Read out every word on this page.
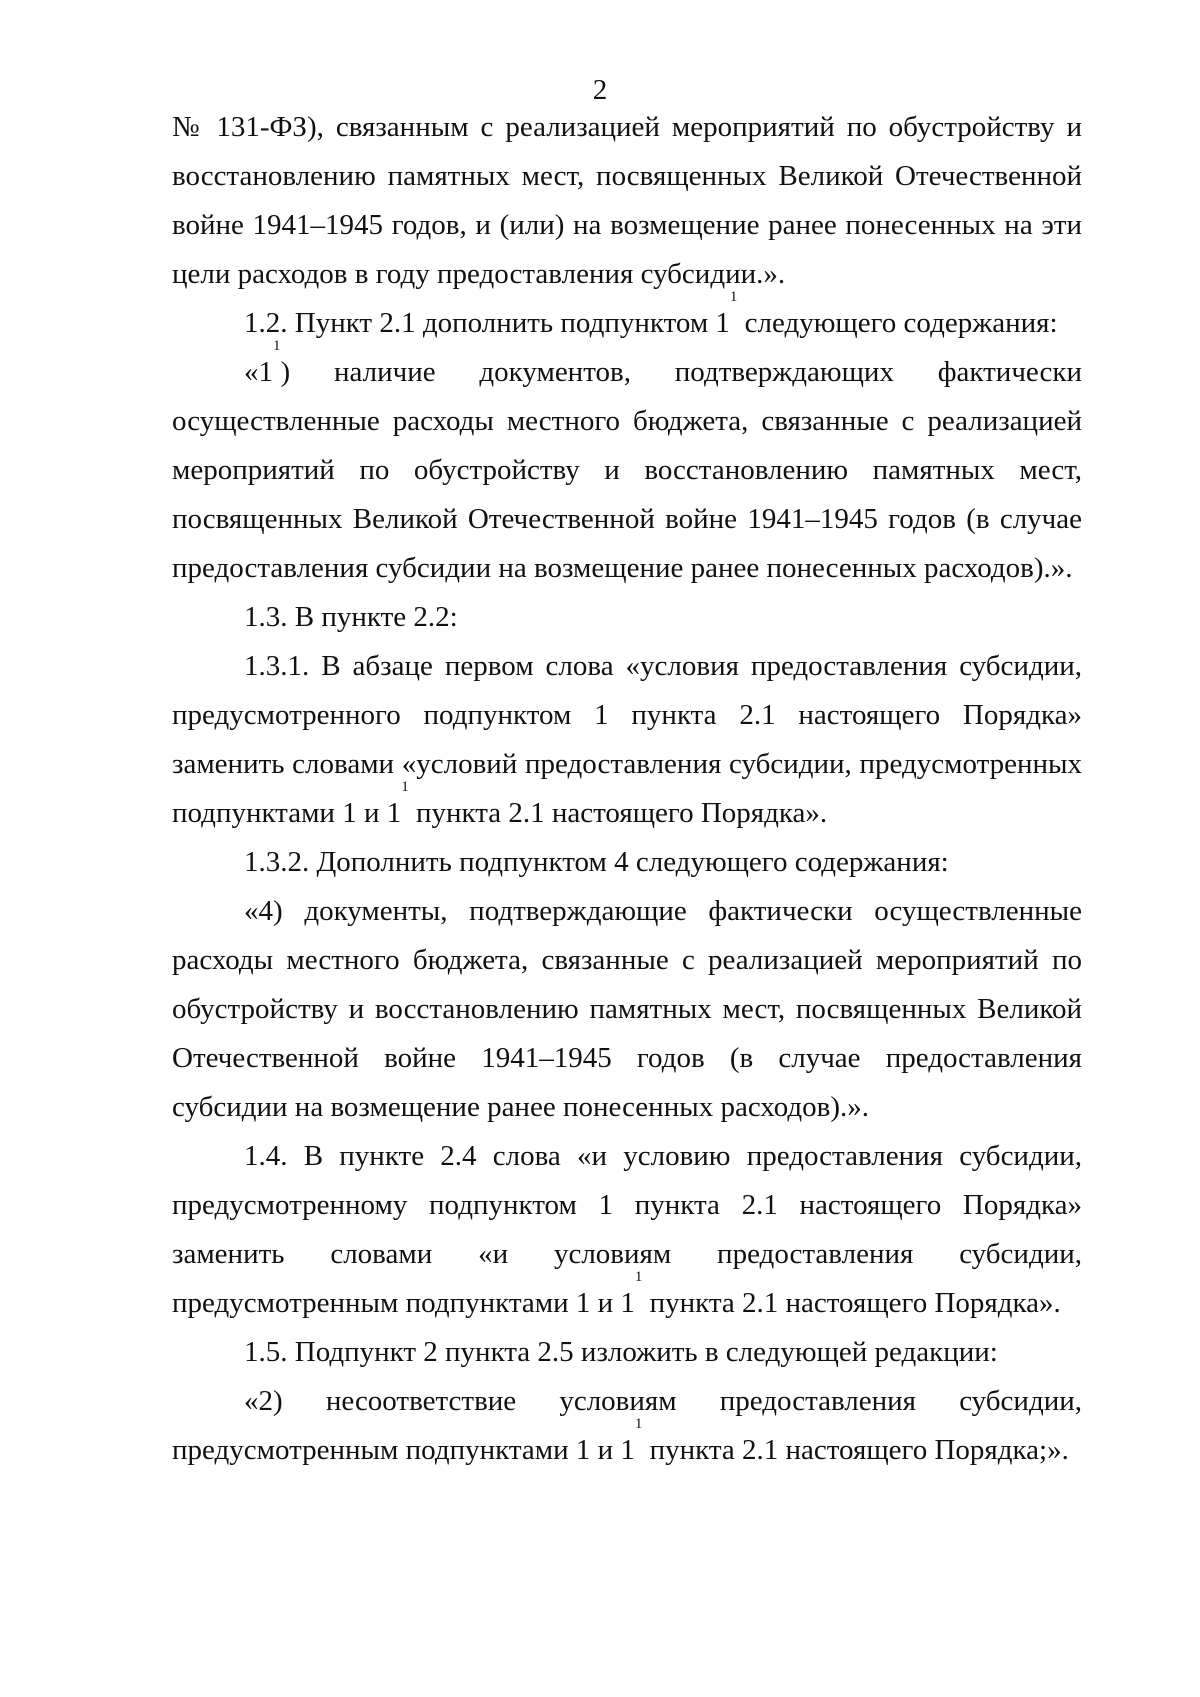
2

№ 131-ФЗ), связанным с реализацией мероприятий по обустройству и восстановлению памятных мест, посвященных Великой Отечественной войне 1941–1945 годов, и (или) на возмещение ранее понесенных на эти цели расходов в году предоставления субсидии.».

1.2. Пункт 2.1 дополнить подпунктом $1^1$ следующего содержания:

«$1^1$) наличие документов, подтверждающих фактически осуществленные расходы местного бюджета, связанные с реализацией мероприятий по обустройству и восстановлению памятных мест, посвященных Великой Отечественной войне 1941–1945 годов (в случае предоставления субсидии на возмещение ранее понесенных расходов).».

1.3. В пункте 2.2:

1.3.1. В абзаце первом слова «условия предоставления субсидии, предусмотренного подпунктом 1 пункта 2.1 настоящего Порядка» заменить словами «условий предоставления субсидии, предусмотренных подпунктами 1 и $1^1$ пункта 2.1 настоящего Порядка».

1.3.2. Дополнить подпунктом 4 следующего содержания:

«4) документы, подтверждающие фактически осуществленные расходы местного бюджета, связанные с реализацией мероприятий по обустройству и восстановлению памятных мест, посвященных Великой Отечественной войне 1941–1945 годов (в случае предоставления субсидии на возмещение ранее понесенных расходов).».

1.4. В пункте 2.4 слова «и условию предоставления субсидии, предусмотренному подпунктом 1 пункта 2.1 настоящего Порядка» заменить словами «и условиям предоставления субсидии, предусмотренным подпунктами 1 и $1^1$ пункта 2.1 настоящего Порядка».

1.5. Подпункт 2 пункта 2.5 изложить в следующей редакции:

«2) несоответствие условиям предоставления субсидии, предусмотренным подпунктами 1 и $1^1$ пункта 2.1 настоящего Порядка;».
